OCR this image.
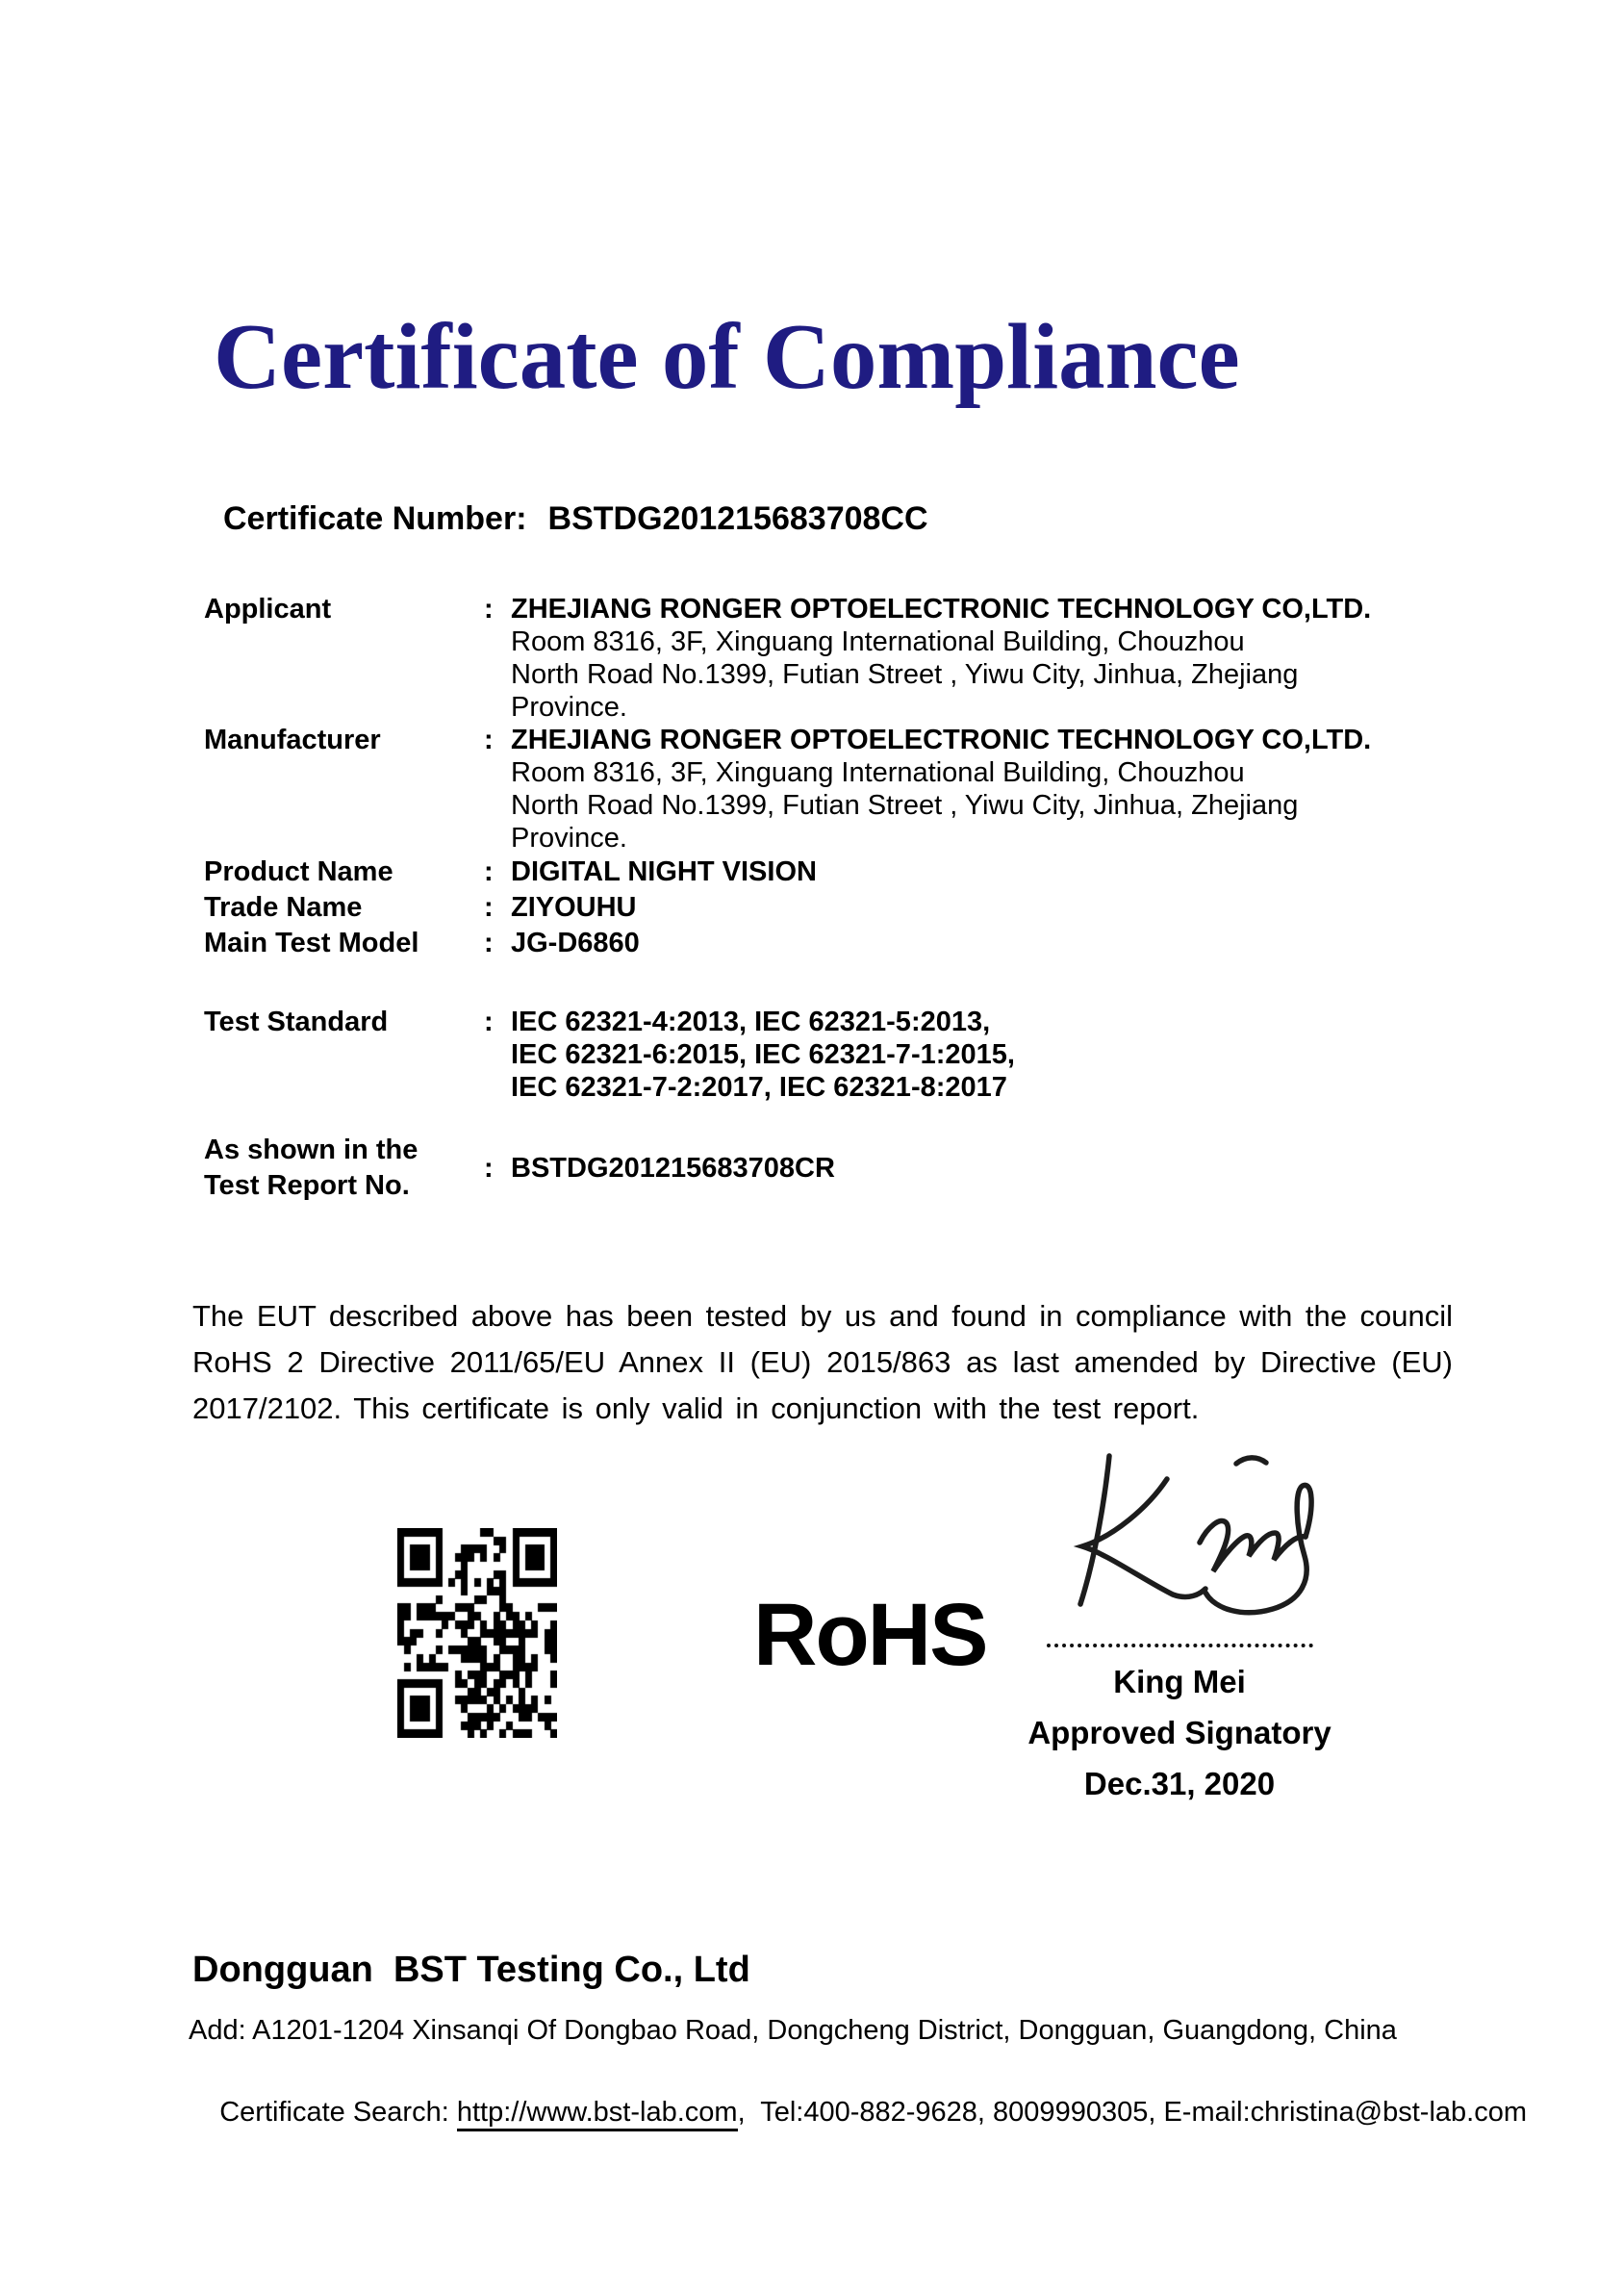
Certificate of Compliance
Certificate Number: BSTDG201215683708CC
Applicant	: ZHEJIANG RONGER OPTOELECTRONIC TECHNOLOGY CO,LTD.
Room 8316, 3F, Xinguang International Building, Chouzhou
North Road No.1399, Futian Street , Yiwu City, Jinhua, Zhejiang
Province.
Manufacturer	: ZHEJIANG RONGER OPTOELECTRONIC TECHNOLOGY CO,LTD.
Room 8316, 3F, Xinguang International Building, Chouzhou
North Road No.1399, Futian Street , Yiwu City, Jinhua, Zhejiang
Province.
Product Name	: DIGITAL NIGHT VISION
Trade Name	: ZIYOUHU
Main Test Model	: JG-D6860
Test Standard	: IEC 62321-4:2013, IEC 62321-5:2013,
IEC 62321-6:2015, IEC 62321-7-1:2015,
IEC 62321-7-2:2017, IEC 62321-8:2017
As shown in the
Test Report No.
: BSTDG201215683708CR
The EUT described above has been tested by us and found in compliance with the council RoHS 2 Directive 2011/65/EU Annex II (EU) 2015/863 as last amended by Directive (EU) 2017/2102. This certificate is only valid in conjunction with the test report.
RoHS	King Mei
Approved Signatory
Dec.31, 2020
Dongguan  BST Testing Co., Ltd
Add: A1201-1204 Xinsanqi Of Dongbao Road, Dongcheng District, Dongguan, Guangdong, China

Certificate Search: http://www.bst-lab.com,  Tel:400-882-9628, 8009990305, E-mail:christina@bst-lab.com
